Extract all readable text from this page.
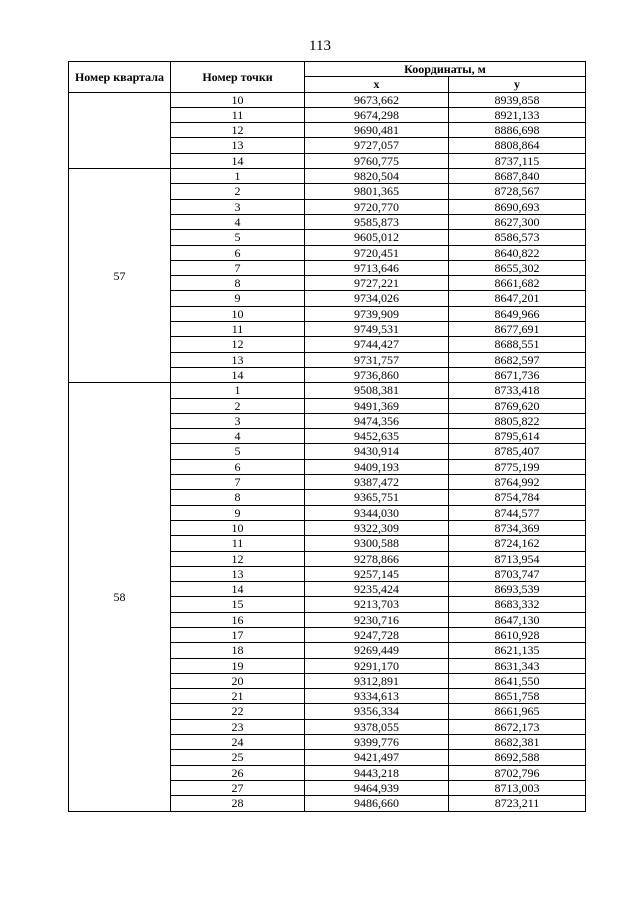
113
Номер квартала	Номер точки	Координаты, м	
		x	y
	10	9673,662	8939,858
	11	9674,298	8921,133
	12	9690,481	8886,698
	13	9727,057	8808,864
	14	9760,775	8737,115
57	1	9820,504	8687,840
	2	9801,365	8728,567
	3	9720,770	8690,693
	4	9585,873	8627,300
	5	9605,012	8586,573
	6	9720,451	8640,822
	7	9713,646	8655,302
	8	9727,221	8661,682
	9	9734,026	8647,201
	10	9739,909	8649,966
	11	9749,531	8677,691
	12	9744,427	8688,551
	13	9731,757	8682,597
	14	9736,860	8671,736
58	1	9508,381	8733,418
	2	9491,369	8769,620
	3	9474,356	8805,822
	4	9452,635	8795,614
	5	9430,914	8785,407
	6	9409,193	8775,199
	7	9387,472	8764,992
	8	9365,751	8754,784
	9	9344,030	8744,577
	10	9322,309	8734,369
	11	9300,588	8724,162
	12	9278,866	8713,954
	13	9257,145	8703,747
	14	9235,424	8693,539
	15	9213,703	8683,332
	16	9230,716	8647,130
	17	9247,728	8610,928
	18	9269,449	8621,135
	19	9291,170	8631,343
	20	9312,891	8641,550
	21	9334,613	8651,758
	22	9356,334	8661,965
	23	9378,055	8672,173
	24	9399,776	8682,381
	25	9421,497	8692,588
	26	9443,218	8702,796
	27	9464,939	8713,003
	28	9486,660	8723,211
